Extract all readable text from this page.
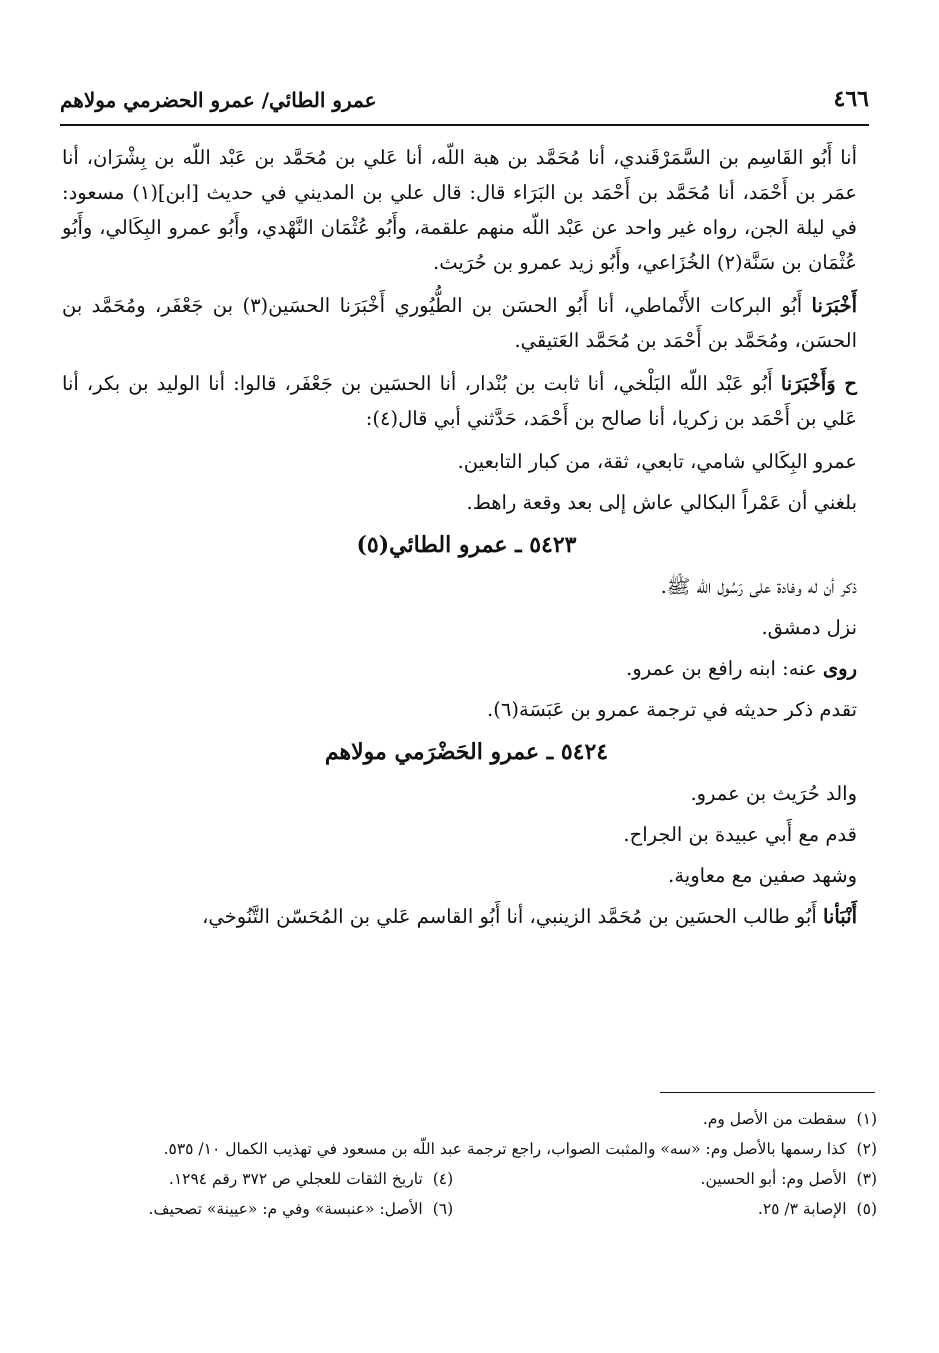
٤٦٦
عمرو الطائي/ عمرو الحضرمي مولاهم

أنا أَبُو القَاسِم بن السَّمَرْقَندي، أنا مُحَمَّد بن هبة اللّه، أنا عَلي بن مُحَمَّد بن عَبْد اللّه بن بِشْرَان، أنا عمَر بن أَحْمَد، أنا مُحَمَّد بن أَحْمَد بن البَرَاء قال: قال علي بن المديني في حديث [ابن](١) مسعود: في ليلة الجن، رواه غير واحد عن عَبْد اللّه منهم علقمة، وأَبُو عُثْمَان النَّهْدي، وأَبُو عمرو البِكَالي، وأَبُو عُثْمَان بن سَنَّة(٢) الخُزَاعي، وأَبُو زيد عمرو بن حُرَيث.

أَخْبَرَنا أَبُو البركات الأَنْماطي، أنا أَبُو الحسَن بن الطُّيُوري أَخْبَرَنا الحسَين(٣) بن جَعْفَر، ومُحَمَّد بن الحسَن، ومُحَمَّد بن أَحْمَد بن مُحَمَّد العَتيقي.

ح وَأَخْبَرَنا أَبُو عَبْد اللّه البَلْخي، أنا ثابت بن بُنْدار، أنا الحسَين بن جَعْفَر، قالوا: أنا الوليد بن بكر، أنا عَلي بن أَحْمَد بن زكريا، أنا صالح بن أَحْمَد، حَدَّثني أبي قال(٤):

عمرو البِكَالي شامي، تابعي، ثقة، من كبار التابعين.

بلغني أن عَمْراً البكالي عاش إلى بعد وقعة راهط.

٥٤٢٣ ـ عمرو الطائي(٥)

ذكر أن له وفادة على رَسُول اللّه ﷺ.

نزل دمشق.

روى عنه: ابنه رافع بن عمرو.

تقدم ذكر حديثه في ترجمة عمرو بن عَبَسَة(٦).

٥٤٢٤ ـ عمرو الحَضْرَمي مولاهم

والد حُرَيث بن عمرو.

قدم مع أَبي عبيدة بن الجراح.

وشهد صفين مع معاوية.

أَنْبَأنا أَبُو طالب الحسَين بن مُحَمَّد الزينبي، أنا أَبُو القاسم عَلي بن المُحَسّن التَّنُوخي،

(١)سقطت من الأصل وم.

(٢)كذا رسمها بالأصل وم: «سه» والمثبت الصواب، راجع ترجمة عبد اللّه بن مسعود في تهذيب الكمال ١٠/ ٥٣٥.

(٣)الأصل وم: أبو الحسين.

(٤)تاريخ الثقات للعجلي ص ٣٧٢ رقم ١٢٩٤.

(٥)الإصابة ٣/ ٢٥.

(٦)الأصل: «عنبسة» وفي م: «عيينة» تصحيف.
